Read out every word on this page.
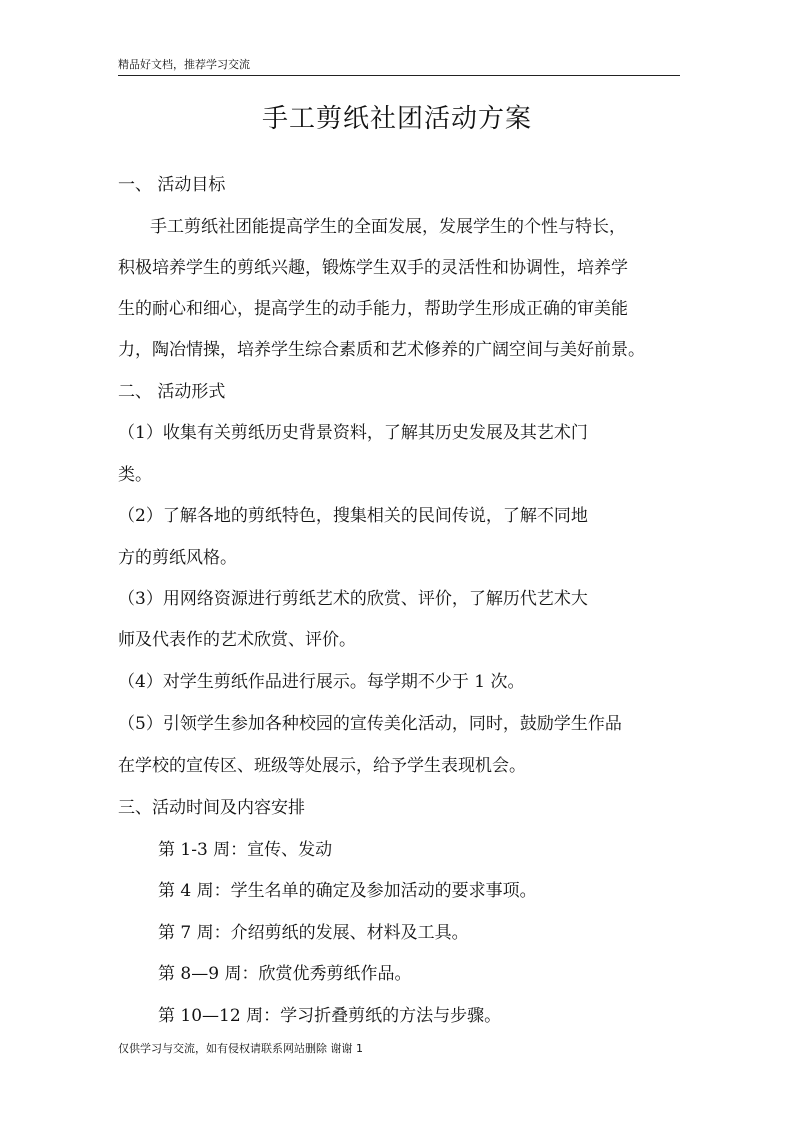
精品好文档，推荐学习交流
手工剪纸社团活动方案
一、 活动目标
手工剪纸社团能提高学生的全面发展，发展学生的个性与特长，
积极培养学生的剪纸兴趣，锻炼学生双手的灵活性和协调性，培养学
生的耐心和细心，提高学生的动手能力，帮助学生形成正确的审美能
力，陶冶情操，培养学生综合素质和艺术修养的广阔空间与美好前景。
二、 活动形式
（1）收集有关剪纸历史背景资料，了解其历史发展及其艺术门
类。
（2）了解各地的剪纸特色，搜集相关的民间传说，了解不同地
方的剪纸风格。
（3）用网络资源进行剪纸艺术的欣赏、评价，了解历代艺术大
师及代表作的艺术欣赏、评价。
（4）对学生剪纸作品进行展示。每学期不少于 1 次。
（5）引领学生参加各种校园的宣传美化活动，同时，鼓励学生作品
在学校的宣传区、班级等处展示，给予学生表现机会。
三、活动时间及内容安排
第 1-3 周：宣传、发动
第 4 周：学生名单的确定及参加活动的要求事项。
第 7 周：介绍剪纸的发展、材料及工具。
第 8—9 周：欣赏优秀剪纸作品。
第 10—12 周：学习折叠剪纸的方法与步骤。
仅供学习与交流，如有侵权请联系网站删除 谢谢 1
